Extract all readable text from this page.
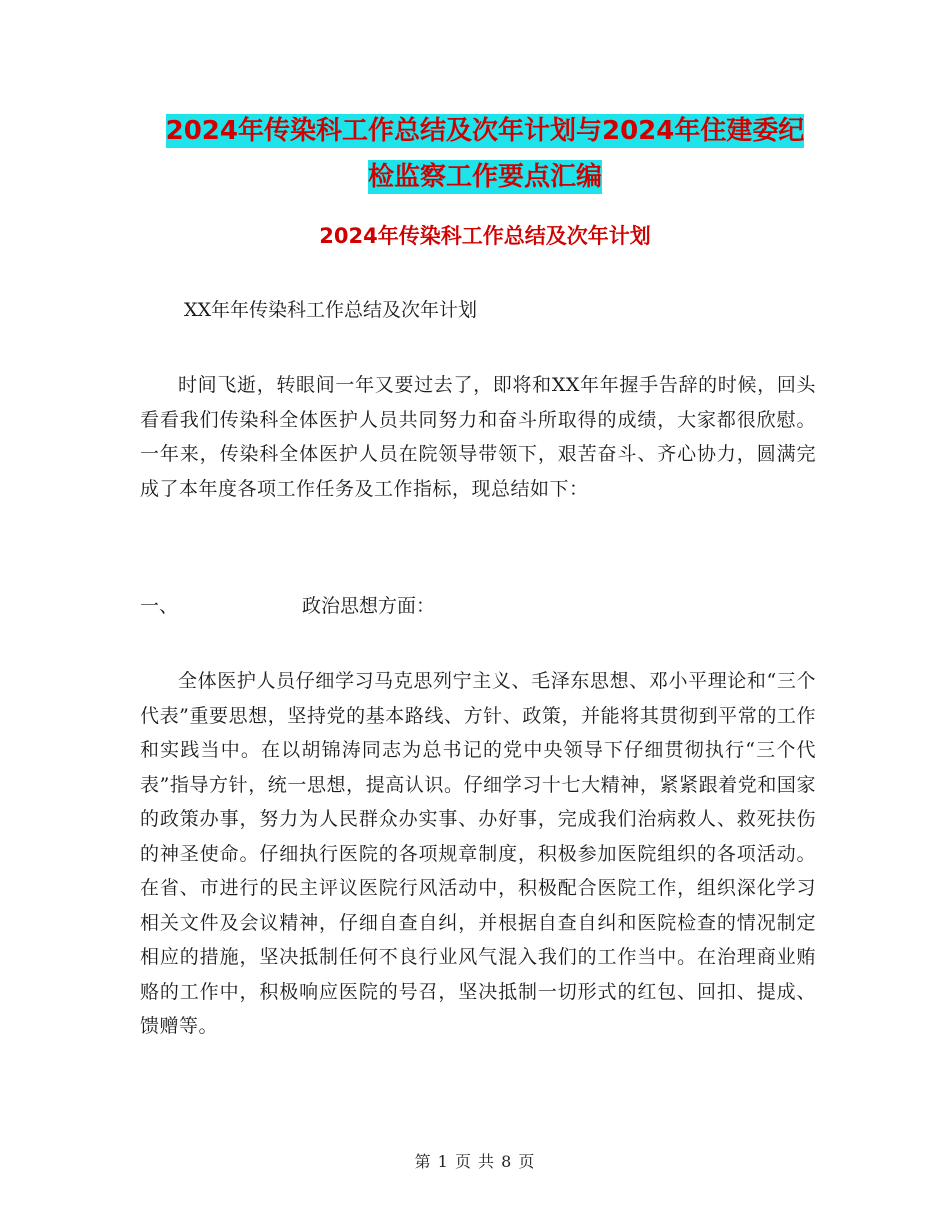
2024年传染科工作总结及次年计划与2024年住建委纪
检监察工作要点汇编
2024年传染科工作总结及次年计划
XX年年传染科工作总结及次年计划
时间飞逝，转眼间一年又要过去了，即将和XX年年握手告辞的时候，回头看看我们传染科全体医护人员共同努力和奋斗所取得的成绩，大家都很欣慰。一年来，传染科全体医护人员在院领导带领下，艰苦奋斗、齐心协力，圆满完成了本年度各项工作任务及工作指标，现总结如下：
一、	政治思想方面：
全体医护人员仔细学习马克思列宁主义、毛泽东思想、邓小平理论和“三个代表”重要思想，坚持党的基本路线、方针、政策，并能将其贯彻到平常的工作和实践当中。在以胡锦涛同志为总书记的党中央领导下仔细贯彻执行“三个代表”指导方针，统一思想，提高认识。仔细学习十七大精神，紧紧跟着党和国家的政策办事，努力为人民群众办实事、办好事，完成我们治病救人、救死扶伤的神圣使命。仔细执行医院的各项规章制度，积极参加医院组织的各项活动。在省、市进行的民主评议医院行风活动中，积极配合医院工作，组织深化学习相关文件及会议精神，仔细自查自纠，并根据自查自纠和医院检查的情况制定相应的措施，坚决抵制任何不良行业风气混入我们的工作当中。在治理商业贿赂的工作中，积极响应医院的号召，坚决抵制一切形式的红包、回扣、提成、馈赠等。
第 1 页 共 8 页
